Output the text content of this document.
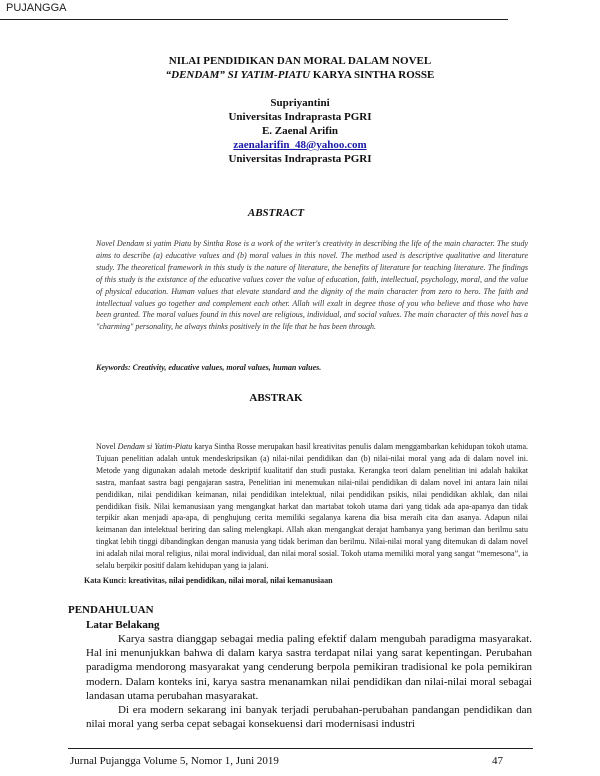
PUJANGGA
NILAI PENDIDIKAN DAN MORAL DALAM NOVEL
“DENDAM” SI YATIM-PIATU KARYA SINTHA ROSSE
Supriyantini
Universitas Indraprasta PGRI
E. Zaenal Arifin
zaenalarifin_48@yahoo.com
Universitas Indraprasta PGRI
ABSTRACT

Novel Dendam si yatim Piatu by Sintha Rose is a work of the writer's creativity in describing the life of the main character. The study aims to describe (a) educative values and (b) moral values in this novel. The method used is descriptive qualitative and literature study. The theoretical framework in this study is the nature of literature, the benefits of literature for teaching literature. The findings of this study is the existance of the educative values cover the value of education, faith, intellectual, psychology, moral, and the value of physical education. Human values that elevate standard and the dignity of the main character from zero to hero. The faith and intellectual values go together and complement each other. Allah will exalt in degree those of you who believe and those who have been granted. The moral values found in this novel are religious, individual, and social values. The main character of this novel has a "charming" personality, he always thinks positively in the life that he has been through.

Keywords: Creativity, educative values, moral values, human values.
ABSTRAK

Novel Dendam si Yatim-Piatu karya Sintha Rosse merupakan hasil kreativitas penulis dalam menggambarkan kehidupan tokoh utama. Tujuan penelitian adalah untuk mendeskripsikan (a) nilai-nilai pendidikan dan (b) nilai-nilai moral yang ada di dalam novel ini. Metode yang digunakan adalah metode deskriptif kualitatif dan studi pustaka. Kerangka teori dalam penelitian ini adalah hakikat sastra, manfaat sastra bagi pengajaran sastra, Penelitian ini menemukan nilai-nilai pendidikan di dalam novel ini antara lain nilai pendidikan, nilai pendidikan keimanan, nilai pendidikan intelektual, nilai pendidikan psikis, nilai pendidikan akhlak, dan nilai pendidikan fisik. Nilai kemanusiaan yang mengangkat harkat dan martabat tokoh utama dari yang tidak ada apa-apanya dan tidak terpikir akan menjadi apa-apa, di penghujung cerita memiliki segalanya karena dia bisa meraih cita dan asanya. Adapun nilai keimanan dan intelektual beriring dan saling melengkapi. Allah akan mengangkat derajat hambanya yang beriman dan berilmu satu tingkat lebih tinggi dibandingkan dengan manusia yang tidak beriman dan berilmu. Nilai-nilai moral yang ditemukan di dalam novel ini adalah nilai moral religius, nilai moral individual, dan nilai moral sosial. Tokoh utama memiliki moral yang sangat “memesona”, ia selalu berpikir positif dalam kehidupan yang ia jalani.

Kata Kunci: kreativitas, nilai pendidikan, nilai moral, nilai kemanusiaan
PENDAHULUAN
Latar Belakang

Karya sastra dianggap sebagai media paling efektif dalam mengubah paradigma masyarakat. Hal ini menunjukkan bahwa di dalam karya sastra terdapat nilai yang sarat kepentingan. Perubahan paradigma mendorong masyarakat yang cenderung berpola pemikiran tradisional ke pola pemikiran modern. Dalam konteks ini, karya sastra menanamkan nilai pendidikan dan nilai-nilai moral sebagai landasan utama perubahan masyarakat.

Di era modern sekarang ini banyak terjadi perubahan-perubahan pandangan pendidikan dan nilai moral yang serba cepat sebagai konsekuensi dari modernisasi industri

Jurnal Pujangga Volume 5, Nomor 1, Juni 2019	47
